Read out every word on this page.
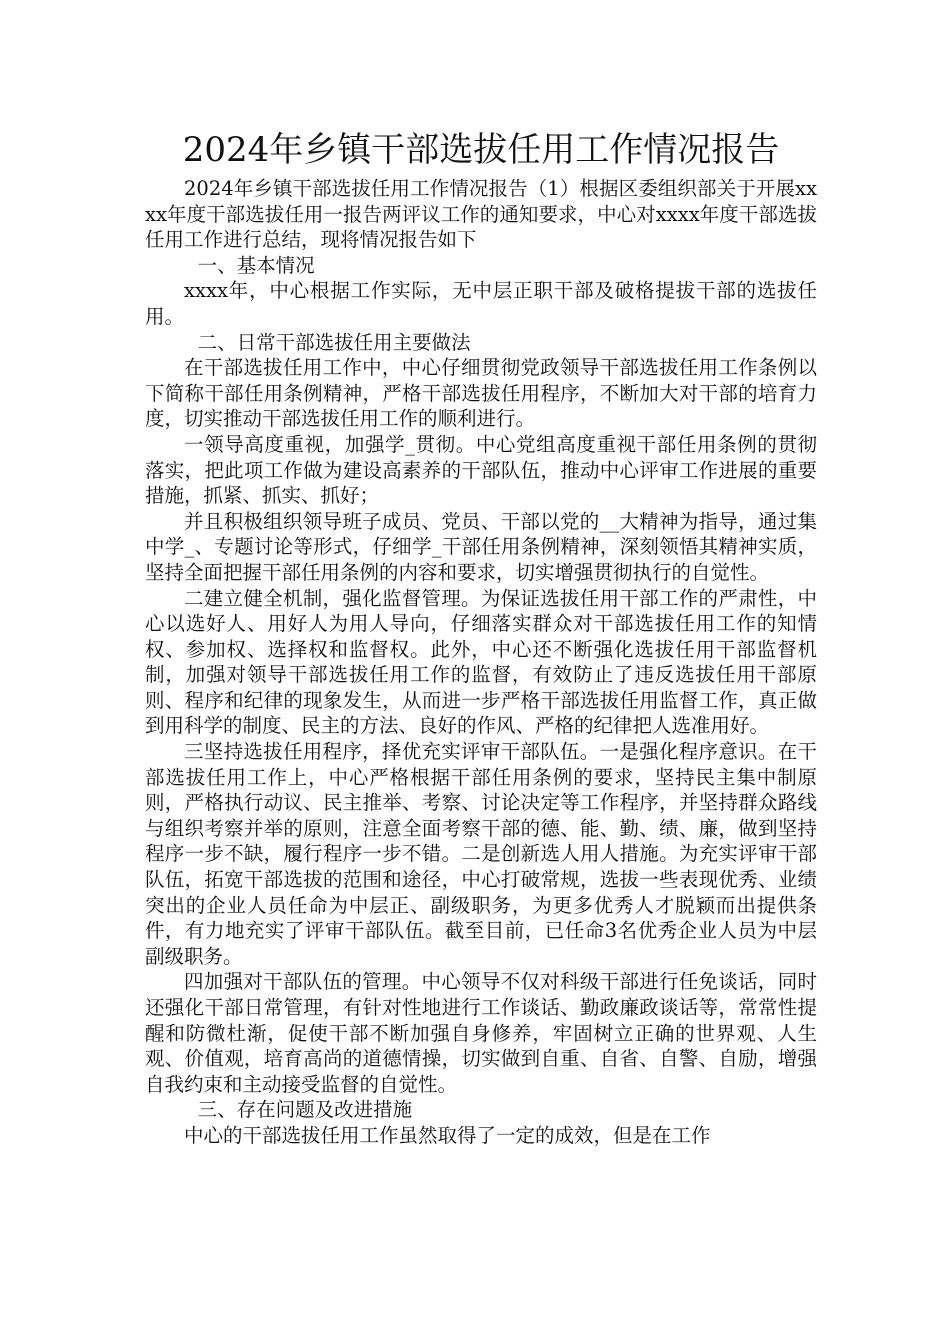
2024年乡镇干部选拔任用工作情况报告

2024年乡镇干部选拔任用工作情况报告（1）根据区委组织部关于开展xxxx年度干部选拔任用一报告两评议工作的通知要求，中心对xxxx年度干部选拔任用工作进行总结，现将情况报告如下

一、基本情况

xxxx年，中心根据工作实际，无中层正职干部及破格提拔干部的选拔任用。

二、日常干部选拔任用主要做法

在干部选拔任用工作中，中心仔细贯彻党政领导干部选拔任用工作条例以下简称干部任用条例精神，严格干部选拔任用程序，不断加大对干部的培育力度，切实推动干部选拔任用工作的顺利进行。

一领导高度重视，加强学_贯彻。中心党组高度重视干部任用条例的贯彻落实，把此项工作做为建设高素养的干部队伍，推动中心评审工作进展的重要措施，抓紧、抓实、抓好；

并且积极组织领导班子成员、党员、干部以党的__大精神为指导，通过集中学_、专题讨论等形式，仔细学_干部任用条例精神，深刻领悟其精神实质，坚持全面把握干部任用条例的内容和要求，切实增强贯彻执行的自觉性。

二建立健全机制，强化监督管理。为保证选拔任用干部工作的严肃性，中心以选好人、用好人为用人导向，仔细落实群众对干部选拔任用工作的知情权、参加权、选择权和监督权。此外，中心还不断强化选拔任用干部监督机制，加强对领导干部选拔任用工作的监督，有效防止了违反选拔任用干部原则、程序和纪律的现象发生，从而进一步严格干部选拔任用监督工作，真正做到用科学的制度、民主的方法、良好的作风、严格的纪律把人选准用好。

三坚持选拔任用程序，择优充实评审干部队伍。一是强化程序意识。在干部选拔任用工作上，中心严格根据干部任用条例的要求，坚持民主集中制原则，严格执行动议、民主推举、考察、讨论决定等工作程序，并坚持群众路线与组织考察并举的原则，注意全面考察干部的德、能、勤、绩、廉，做到坚持程序一步不缺，履行程序一步不错。二是创新选人用人措施。为充实评审干部队伍，拓宽干部选拔的范围和途径，中心打破常规，选拔一些表现优秀、业绩突出的企业人员任命为中层正、副级职务，为更多优秀人才脱颖而出提供条件，有力地充实了评审干部队伍。截至目前，已任命3名优秀企业人员为中层副级职务。

四加强对干部队伍的管理。中心领导不仅对科级干部进行任免谈话，同时还强化干部日常管理，有针对性地进行工作谈话、勤政廉政谈话等，常常性提醒和防微杜渐，促使干部不断加强自身修养，牢固树立正确的世界观、人生观、价值观，培育高尚的道德情操，切实做到自重、自省、自警、自励，增强自我约束和主动接受监督的自觉性。

三、存在问题及改进措施

中心的干部选拔任用工作虽然取得了一定的成效，但是在工作
